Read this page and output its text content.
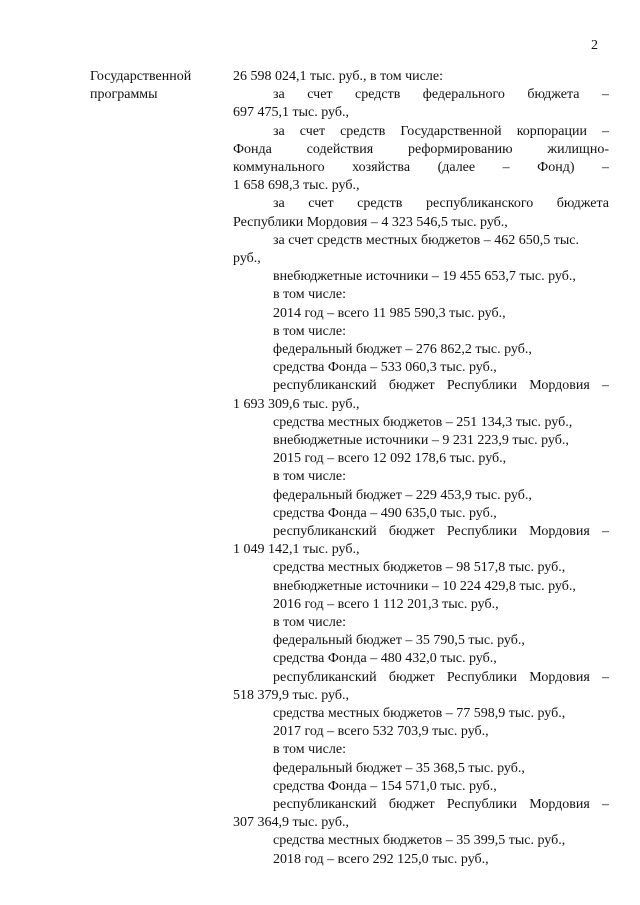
2
Государственной
программы
26 598 024,1 тыс. руб., в том числе:
за счет средств федерального бюджета –
697 475,1 тыс. руб.,
за счет средств Государственной корпорации –
Фонда содействия реформированию жилищно-
коммунального хозяйства (далее – Фонд) –
1 658 698,3 тыс. руб.,
за счет средств республиканского бюджета
Республики Мордовия – 4 323 546,5 тыс. руб.,
за счет средств местных бюджетов – 462 650,5 тыс.
руб.,
внебюджетные источники – 19 455 653,7 тыс. руб.,
в том числе:
2014 год – всего 11 985 590,3 тыс. руб.,
в том числе:
федеральный бюджет – 276 862,2 тыс. руб.,
средства Фонда – 533 060,3 тыс. руб.,
республиканский бюджет Республики Мордовия –
1 693 309,6 тыс. руб.,
средства местных бюджетов – 251 134,3 тыс. руб.,
внебюджетные источники – 9 231 223,9 тыс. руб.,
2015 год – всего 12 092 178,6 тыс. руб.,
в том числе:
федеральный бюджет – 229 453,9 тыс. руб.,
средства Фонда – 490 635,0 тыс. руб.,
республиканский бюджет Республики Мордовия –
1 049 142,1 тыс. руб.,
средства местных бюджетов – 98 517,8 тыс. руб.,
внебюджетные источники – 10 224 429,8 тыс. руб.,
2016 год – всего 1 112 201,3 тыс. руб.,
в том числе:
федеральный бюджет – 35 790,5 тыс. руб.,
средства Фонда – 480 432,0 тыс. руб.,
республиканский бюджет Республики Мордовия –
518 379,9 тыс. руб.,
средства местных бюджетов – 77 598,9 тыс. руб.,
2017 год – всего 532 703,9 тыс. руб.,
в том числе:
федеральный бюджет – 35 368,5 тыс. руб.,
средства Фонда – 154 571,0 тыс. руб.,
республиканский бюджет Республики Мордовия –
307 364,9 тыс. руб.,
средства местных бюджетов – 35 399,5 тыс. руб.,
2018 год – всего 292 125,0 тыс. руб.,
